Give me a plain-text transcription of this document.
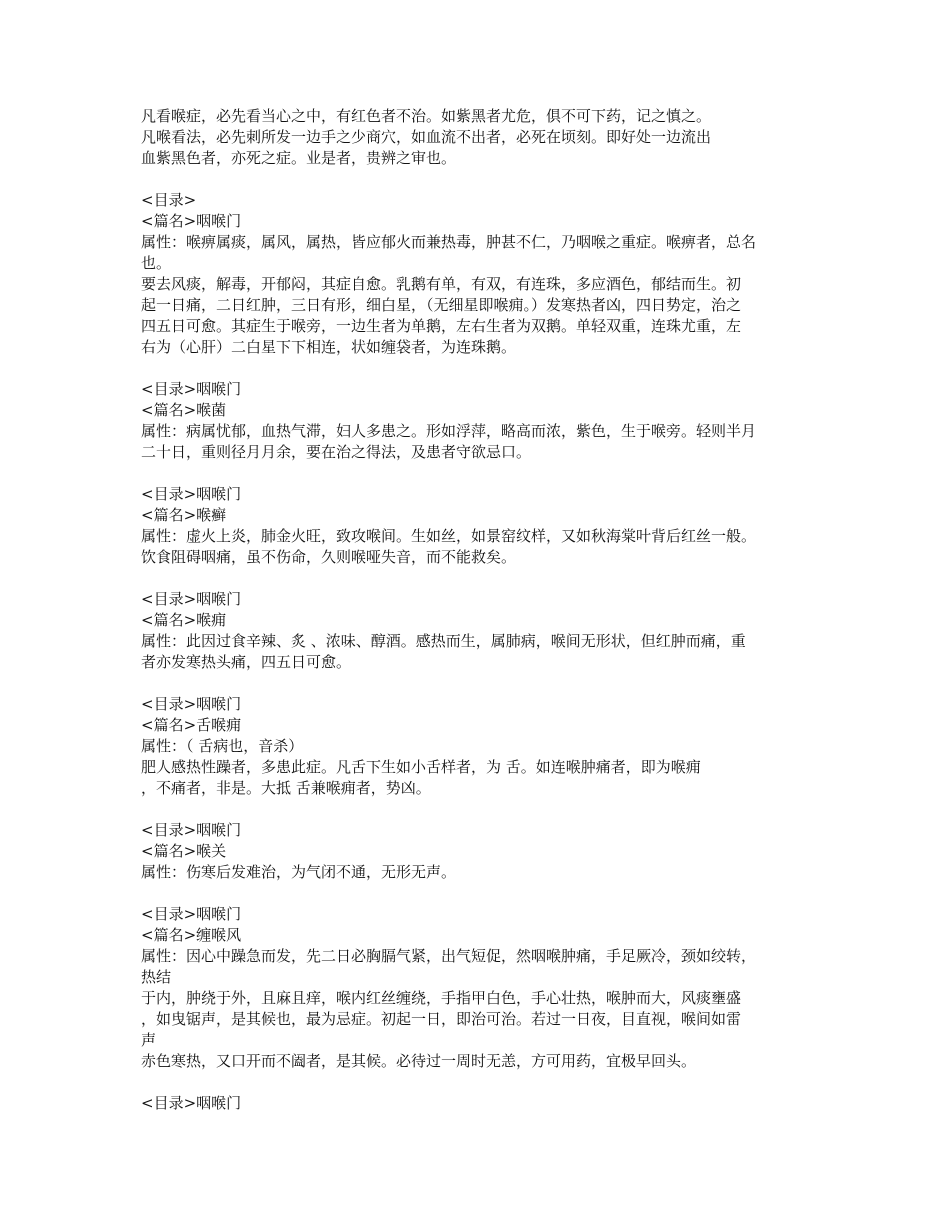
凡看喉症，必先看当心之中，有红色者不治。如紫黑者尤危，俱不可下药，记之慎之。
凡喉看法，必先刺所发一边手之少商穴，如血流不出者，必死在顷刻。即好处一边流出
血紫黑色者，亦死之症。业是者，贵辨之审也。
<目录>
<篇名>咽喉门
属性：喉痹属痰，属风，属热，皆应郁火而兼热毒，肿甚不仁，乃咽喉之重症。喉痹者，总名
也。
要去风痰，解毒，开郁闷，其症自愈。乳鹅有单，有双，有连珠，多应酒色，郁结而生。初
起一日痛，二日红肿，三日有形，细白星，（无细星即喉痈。）发寒热者凶，四日势定，治之
四五日可愈。其症生于喉旁，一边生者为单鹅，左右生者为双鹅。单轻双重，连珠尤重，左
右为（心肝）二白星下下相连，状如缠袋者，为连珠鹅。
<目录>咽喉门
<篇名>喉菌
属性：病属忧郁，血热气滞，妇人多患之。形如浮萍，略高而浓，紫色，生于喉旁。轻则半月
二十日，重则径月月余，要在治之得法，及患者守欲忌口。
<目录>咽喉门
<篇名>喉癣
属性：虚火上炎，肺金火旺，致攻喉间。生如丝，如景窑纹样，又如秋海棠叶背后红丝一般。
饮食阻碍咽痛，虽不伤命，久则喉哑失音，而不能救矣。
<目录>咽喉门
<篇名>喉痈
属性：此因过食辛辣、炙 、浓味、醇酒。感热而生，属肺病，喉间无形状，但红肿而痛，重
者亦发寒热头痛，四五日可愈。
<目录>咽喉门
<篇名>舌喉痈
属性：（ 舌病也，音杀）
肥人感热性躁者，多患此症。凡舌下生如小舌样者，为 舌。如连喉肿痛者，即为喉痈
，不痛者，非是。大抵 舌兼喉痈者，势凶。
<目录>咽喉门
<篇名>喉关
属性：伤寒后发难治，为气闭不通，无形无声。
<目录>咽喉门
<篇名>缠喉风
属性：因心中躁急而发，先二日必胸膈气紧，出气短促，然咽喉肿痛，手足厥冷，颈如绞转，
热结
于内，肿绕于外，且麻且痒，喉内红丝缠绕，手指甲白色，手心壮热，喉肿而大，风痰壅盛
，如曳锯声，是其候也，最为忌症。初起一日，即治可治。若过一日夜，目直视，喉间如雷
声
赤色寒热，又口开而不阖者，是其候。必待过一周时无恙，方可用药，宜极早回头。
<目录>咽喉门
